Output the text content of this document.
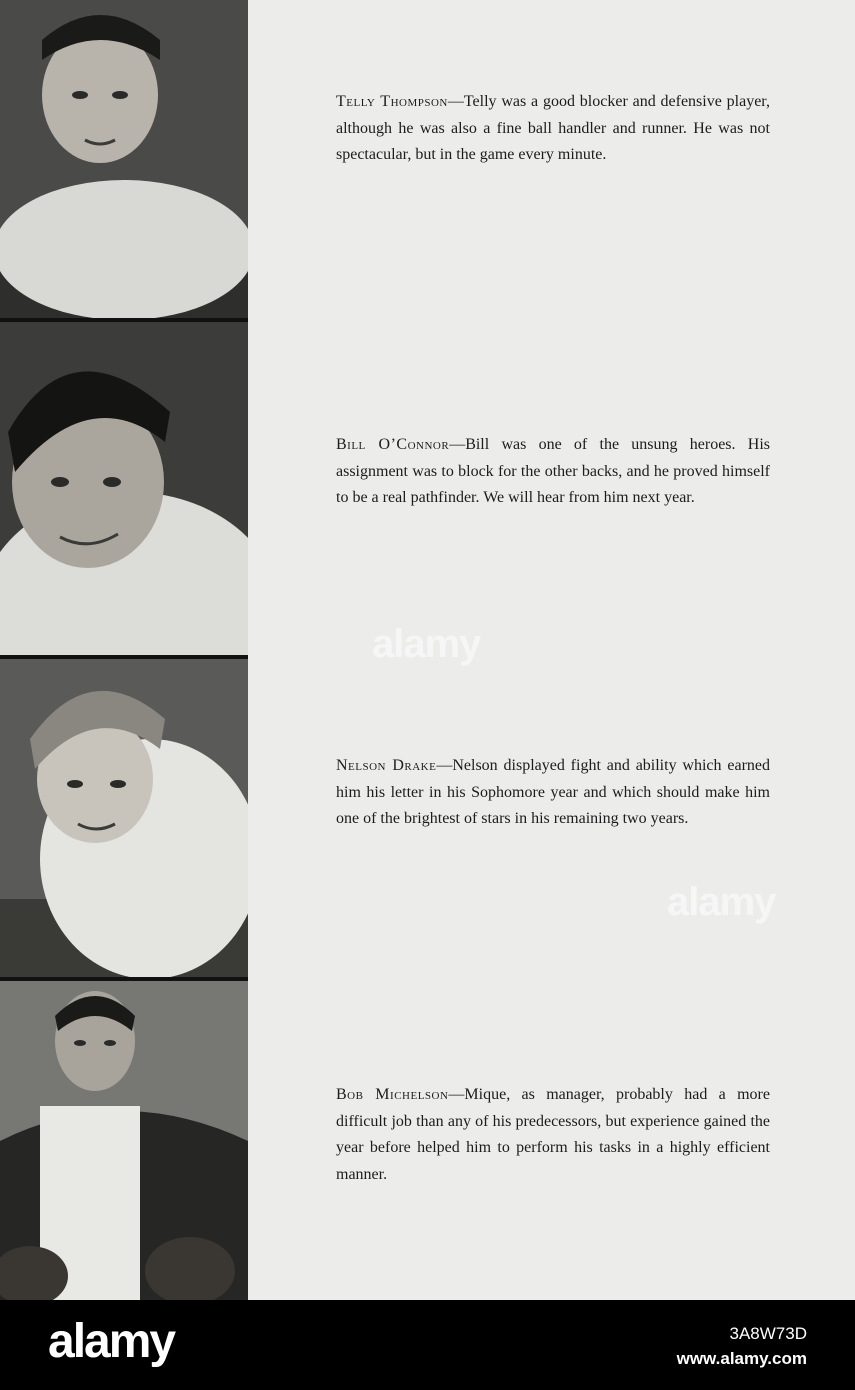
Telly Thompson—Telly was a good blocker and defensive player, although he was also a fine ball handler and runner. He was not spectacular, but in the game every minute.

Bill O’Connor—Bill was one of the unsung heroes. His assignment was to block for the other backs, and he proved himself to be a real pathfinder. We will hear from him next year.

Nelson Drake—Nelson displayed fight and ability which earned him his letter in his Sophomore year and which should make him one of the brightest of stars in his remaining two years.

Bob Michelson—Mique, as manager, probably had a more difficult job than any of his predecessors, but experience gained the year before helped him to perform his tasks in a highly efficient manner.

alamy
alamy
alamy	3A8W73D
www.alamy.com
